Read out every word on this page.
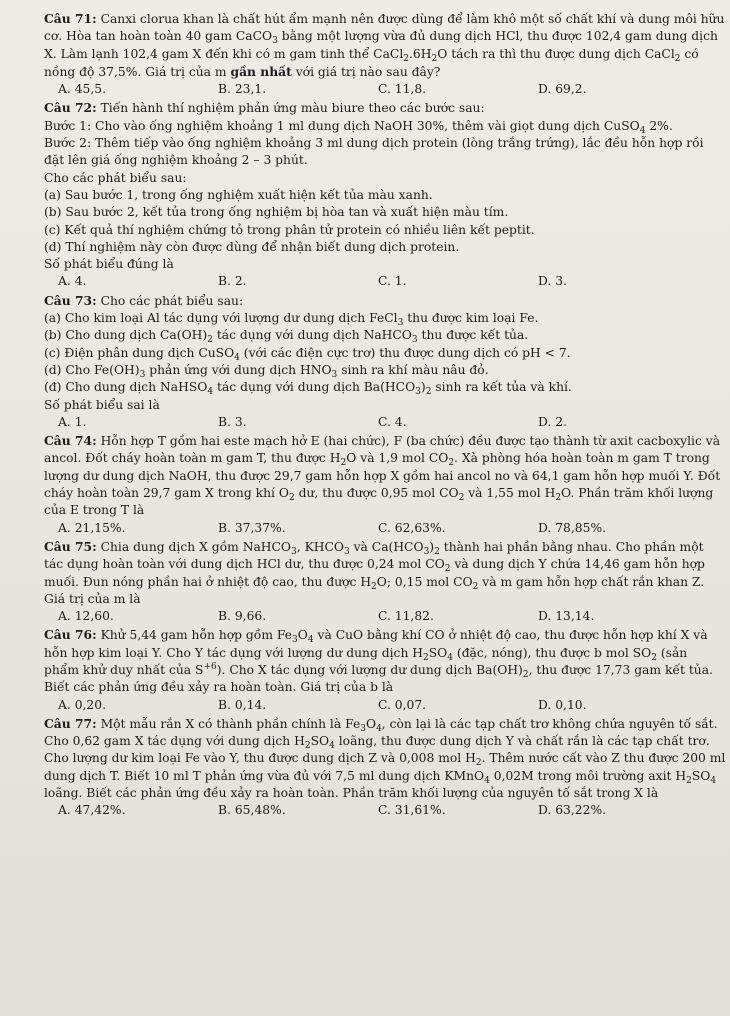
Câu 71: Canxi clorua khan là chất hút ẩm mạnh nên được dùng để làm khô một số chất khí và dung môi hữu cơ. Hòa tan hoàn toàn 40 gam CaCO$_3$ bằng một lượng vừa đủ dung dịch HCl, thu được 102,4 gam dung dịch X. Làm lạnh 102,4 gam X đến khi có m gam tinh thể $CaCl_2.6H_2O$ tách ra thì thu được dung dịch CaCl$_2$ có nồng độ 37,5%. Giá trị của m gần nhất với giá trị nào sau đây?

A. 45,5.	B. 23,1.	C. 11,8.	D. 69,2.

Câu 72: Tiến hành thí nghiệm phản ứng màu biure theo các bước sau:

Bước 1: Cho vào ống nghiệm khoảng 1 ml dung dịch NaOH 30%, thêm vài giọt dung dịch CuSO$_4$ 2%.

Bước 2: Thêm tiếp vào ống nghiệm khoảng 3 ml dung dịch protein (lòng trắng trứng), lắc đều hỗn hợp rồi đặt lên giá ống nghiệm khoảng 2 – 3 phút.

Cho các phát biểu sau:

(a) Sau bước 1, trong ống nghiệm xuất hiện kết tủa màu xanh.

(b) Sau bước 2, kết tủa trong ống nghiệm bị hòa tan và xuất hiện màu tím.

(c) Kết quả thí nghiệm chứng tỏ trong phân tử protein có nhiều liên kết peptit.

(d) Thí nghiệm này còn được dùng để nhận biết dung dịch protein.

Số phát biểu đúng là

A. 4.	B. 2.	C. 1.	D. 3.

Câu 73: Cho các phát biểu sau:

(a) Cho kim loại Al tác dụng với lượng dư dung dịch FeCl$_3$ thu được kim loại Fe.

(b) Cho dung dịch $Ca(OH)_2$ tác dụng với dung dịch NaHCO$_3$ thu được kết tủa.

(c) Điện phân dung dịch CuSO$_4$ (với các điện cực trơ) thu được dung dịch có pH < 7.

(d) Cho $Fe(OH)_3$ phản ứng với dung dịch $HNO_3$ sinh ra khí màu nâu đỏ.

(đ) Cho dung dịch NaHSO$_4$ tác dụng với dung dịch $Ba(HCO_3)_2$ sinh ra kết tủa và khí.

Số phát biểu sai là

A. 1.	B. 3.	C. 4.	D. 2.

Câu 74: Hỗn hợp T gồm hai este mạch hở E (hai chức), F (ba chức) đều được tạo thành từ axit cacboxylic và ancol. Đốt cháy hoàn toàn m gam T, thu được $H_2O$ và 1,9 mol $CO_2$. Xà phòng hóa hoàn toàn m gam T trong lượng dư dung dịch NaOH, thu được 29,7 gam hỗn hợp X gồm hai ancol no và 64,1 gam hỗn hợp muối Y. Đốt cháy hoàn toàn 29,7 gam X trong khí $O_2$ dư, thu được 0,95 mol $CO_2$ và 1,55 mol $H_2O$. Phần trăm khối lượng của E trong T là

A. 21,15%.	B. 37,37%.	C. 62,63%.	D. 78,85%.

Câu 75: Chia dung dịch X gồm NaHCO$_3$, $KHCO_3$ và $Ca(HCO_3)_2$ thành hai phần bằng nhau. Cho phần một tác dụng hoàn toàn với dung dịch HCl dư, thu được 0,24 mol $CO_2$ và dung dịch Y chứa 14,46 gam hỗn hợp muối. Đun nóng phần hai ở nhiệt độ cao, thu được $H_2O$; 0,15 mol $CO_2$ và m gam hỗn hợp chất rắn khan Z. Giá trị của m là

A. 12,60.	B. 9,66.	C. 11,82.	D. 13,14.

Câu 76: Khử 5,44 gam hỗn hợp gồm $Fe_3O_4$ và CuO bằng khí CO ở nhiệt độ cao, thu được hỗn hợp khí X và hỗn hợp kim loại Y. Cho Y tác dụng với lượng dư dung dịch $H_2SO_4$ (đặc, nóng), thu được b mol $SO_2$ (sản phẩm khử duy nhất của $S^{+6}$). Cho X tác dụng với lượng dư dung dịch $Ba(OH)_2$, thu được 17,73 gam kết tủa. Biết các phản ứng đều xảy ra hoàn toàn. Giá trị của b là

A. 0,20.	B. 0,14.	C. 0,07.	D. 0,10.

Câu 77: Một mẫu rắn X có thành phần chính là $Fe_3O_4$, còn lại là các tạp chất trơ không chứa nguyên tố sắt. Cho 0,62 gam X tác dụng với dung dịch $H_2SO_4$ loãng, thu được dung dịch Y và chất rắn là các tạp chất trơ. Cho lượng dư kim loại Fe vào Y, thu được dung dịch Z và 0,008 mol $H_2$. Thêm nước cất vào Z thu được 200 ml dung dịch T. Biết 10 ml T phản ứng vừa đủ với 7,5 ml dung dịch KMnO$_4$ 0,02M trong môi trường axit $H_2SO_4$ loãng. Biết các phản ứng đều xảy ra hoàn toàn. Phần trăm khối lượng của nguyên tố sắt trong X là

A. 47,42%.	B. 65,48%.	C. 31,61%.	D. 63,22%.
